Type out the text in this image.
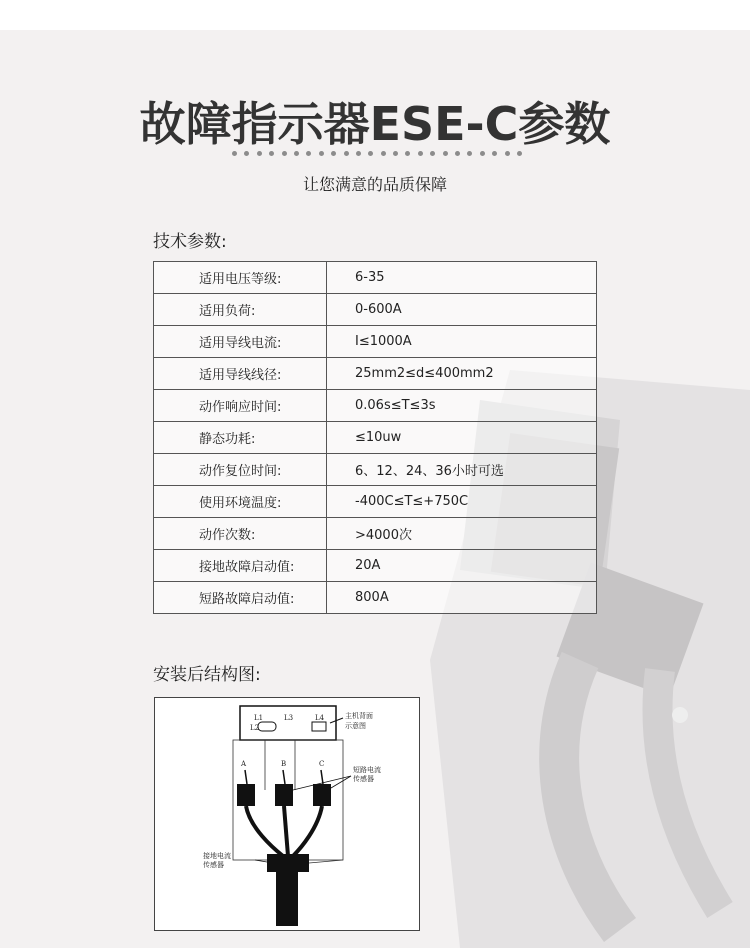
故障指示器ESE-C参数
让您满意的品质保障
技术参数:
适用电压等级:	6-35
适用负荷:	0-600A
适用导线电流:	I≤1000A
适用导线线径:	25mm2≤d≤400mm2
动作响应时间:	0.06s≤T≤3s
静态功耗:	≤10uw
动作复位时间:	6、12、24、36小时可选
使用环境温度:	-400C≤T≤+750C
动作次数:	>4000次
接地故障启动值:	20A
短路故障启动值:	800A
安装后结构图:
L1
L2
L3	L4	主机背面
示意图
A	B	C
短路电流
传感器
接地电流
传感器
